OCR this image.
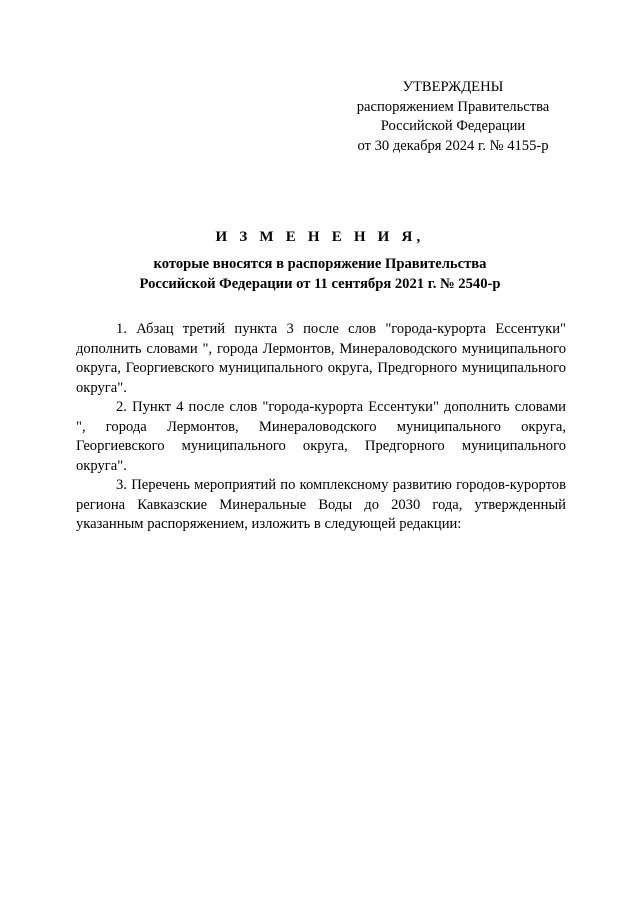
УТВЕРЖДЕНЫ
распоряжением Правительства
Российской Федерации
от 30 декабря 2024 г. № 4155-р
И З М Е Н Е Н И Я,
которые вносятся в распоряжение Правительства
Российской Федерации от 11 сентября 2021 г. № 2540-р

1. Абзац третий пункта 3 после слов "города-курорта Ессентуки" дополнить словами ", города Лермонтов, Минераловодского муниципального округа, Георгиевского муниципального округа, Предгорного муниципального округа".

2. Пункт 4 после слов "города-курорта Ессентуки" дополнить словами ", города Лермонтов, Минераловодского муниципального округа, Георгиевского муниципального округа, Предгорного муниципального округа".

3. Перечень мероприятий по комплексному развитию городов-курортов региона Кавказские Минеральные Воды до 2030 года, утвержденный указанным распоряжением, изложить в следующей редакции:
